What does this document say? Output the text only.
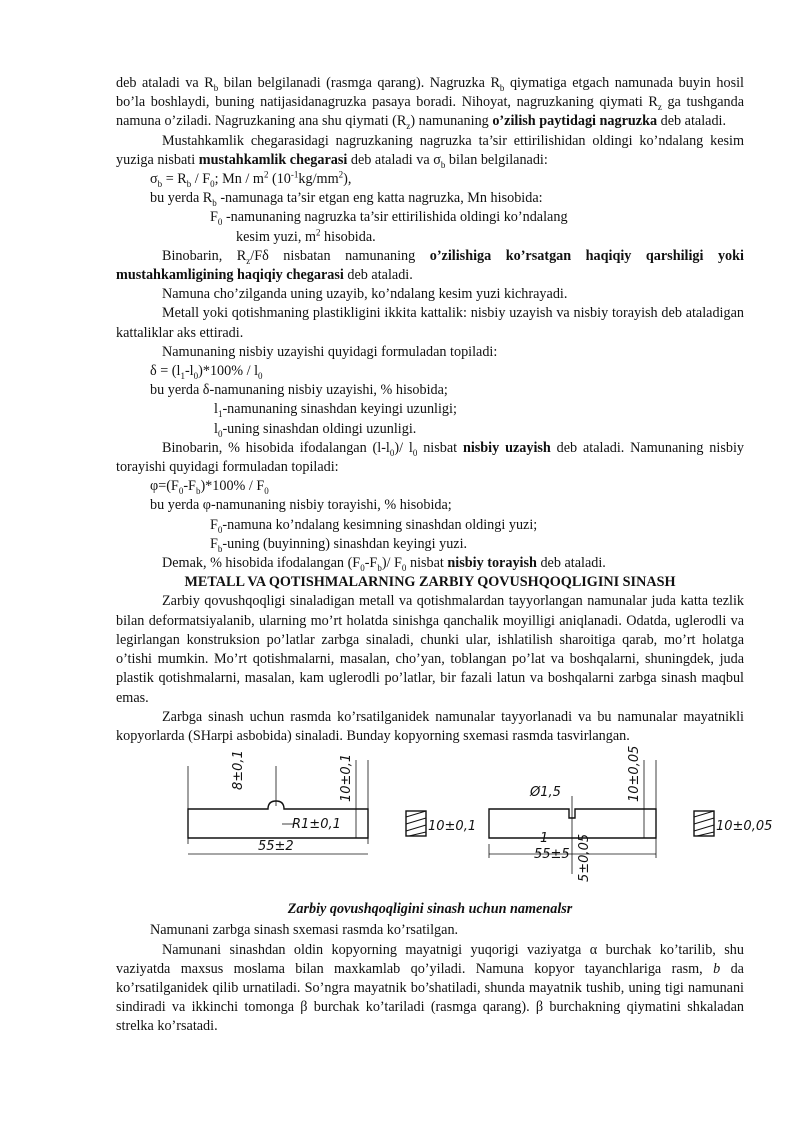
deb ataladi va $R_b$ bilan belgilanadi (rasmga qarang). Nagruzka $R_b$ qiymatiga etgach namunada buyin hosil bo’la boshlaydi, buning natijasidanagruzka pasaya boradi. Nihoyat, nagruzkaning qiymati $R_z$ ga tushganda namuna o’ziladi. Nagruzkaning ana shu qiymati $(R_z)$ namunaning o’zilish paytidagi nagruzka deb ataladi.

Mustahkamlik chegarasidagi nagruzkaning nagruzka ta’sir ettirilishidan oldingi ko’ndalang kesim yuziga nisbati mustahkamlik chegarasi deb ataladi va $\sigma_b$ bilan belgilanadi:

$\sigma_b = R_b / F_0$; Mn / $m^2$ $(10^{-1}kg/mm^2)$,

bu yerda $R_b$ -namunaga ta’sir etgan eng katta nagruzka, Mn hisobida:

$F_0$ -namunaning nagruzka ta’sir ettirilishida oldingi ko’ndalang

kesim yuzi, $m^2$ hisobida.

Binobarin, $R_z/F\delta$ nisbatan namunaning o’zilishiga ko’rsatgan haqiqiy qarshiligi yoki mustahkamligining haqiqiy chegarasi deb ataladi.

Namuna cho’zilganda uning uzayib, ko’ndalang kesim yuzi kichrayadi.

Metall yoki qotishmaning plastikligini ikkita kattalik: nisbiy uzayish va nisbiy torayish deb ataladigan kattaliklar aks ettiradi.

Namunaning nisbiy uzayishi quyidagi formuladan topiladi:

$\delta = (l_1-l_0)*100\% / l_0$

bu yerda δ-namunaning nisbiy uzayishi, % hisobida;

$l_1$-namunaning sinashdan keyingi uzunligi;

$l_0$-uning sinashdan oldingi uzunligi.

Binobarin, % hisobida ifodalangan $(l-l_0)/$ $l_0$ nisbat nisbiy uzayish deb ataladi. Namunaning nisbiy torayishi quyidagi formuladan topiladi:

$\varphi=(F_0-F_b)*100\% / F_0$

bu yerda φ-namunaning nisbiy torayishi, % hisobida;

$F_0$-namuna ko’ndalang kesimning sinashdan oldingi yuzi;

$F_b$-uning (buyinning) sinashdan keyingi yuzi.

Demak, % hisobida ifodalangan $(F_0-F_b)/$ $F_0$ nisbat nisbiy torayish deb ataladi.

METALL VA QOTISHMALARNING ZARBIY QOVUSHQOQLIGINI SINASH

Zarbiy qovushqoqligi sinaladigan metall va qotishmalardan tayyorlangan namunalar juda katta tezlik bilan deformatsiyalanib, ularning mo’rt holatda sinishga qanchalik moyilligi aniqlanadi. Odatda, uglerodli va legirlangan konstruksion po’latlar zarbga sinaladi, chunki ular, ishlatilish sharoitiga qarab, mo’rt holatga o’tishi mumkin. Mo’rt qotishmalarni, masalan, cho’yan, toblangan po’lat va boshqalarni, shuningdek, juda plastik qotishmalarni, masalan, kam uglerodli po’latlar, bir fazali latun va boshqalarni zarbga sinash maqbul emas.

Zarbga sinash uchun rasmda ko’rsatilganidek namunalar tayyorlanadi va bu namunalar mayatnikli kopyorlarda (SHarpi asbobida) sinaladi. Bunday kopyorning sxemasi rasmda tasvirlangan.

8±0,1	10±0,1
R1±0,1
55±2
10±0,1
Ø1,5	10±0,05
1
55±5 5±0,05
10±0,05

Zarbiy qovushqoqligini sinash uchun namenalsr

Namunani zarbga sinash sxemasi rasmda ko’rsatilgan.

Namunani sinashdan oldin kopyorning mayatnigi yuqorigi vaziyatga α burchak ko’tarilib, shu vaziyatda maxsus moslama bilan maxkamlab qo’yiladi. Namuna kopyor tayanchlariga rasm, b da ko’rsatilganidek qilib urnatiladi. So’ngra mayatnik bo’shatiladi, shunda mayatnik tushib, uning tigi namunani sindiradi va ikkinchi tomonga β burchak ko’tariladi (rasmga qarang). β burchakning qiymatini shkaladan strelka ko’rsatadi.
